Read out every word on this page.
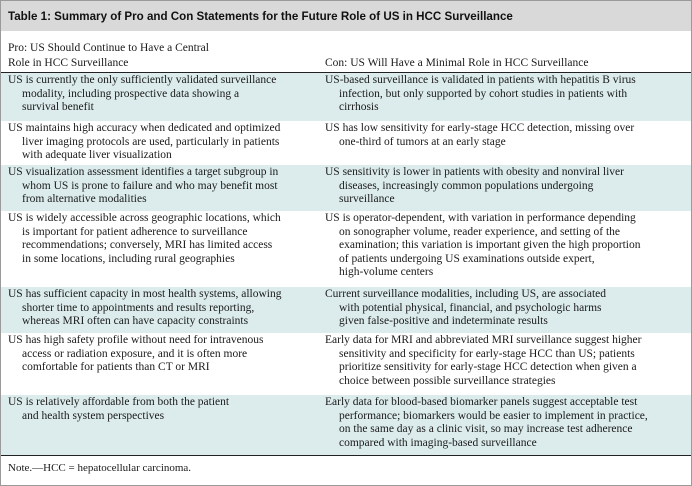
Table 1: Summary of Pro and Con Statements for the Future Role of US in HCC Surveillance
Pro: US Should Continue to Have a Central

Role in HCC Surveillance	Con: US Will Have a Minimal Role in HCC Surveillance
US is currently the only sufficiently validated surveillance
modality, including prospective data showing a
survival benefit
US-based surveillance is validated in patients with hepatitis B virus
infection, but only supported by cohort studies in patients with
cirrhosis
US maintains high accuracy when dedicated and optimized
liver imaging protocols are used, particularly in patients
with adequate liver visualization
US has low sensitivity for early-stage HCC detection, missing over
one-third of tumors at an early stage
US visualization assessment identifies a target subgroup in
whom US is prone to failure and who may benefit most
from alternative modalities
US sensitivity is lower in patients with obesity and nonviral liver
diseases, increasingly common populations undergoing
surveillance
US is widely accessible across geographic locations, which
is important for patient adherence to surveillance
recommendations; conversely, MRI has limited access
in some locations, including rural geographies
US is operator-dependent, with variation in performance depending
on sonographer volume, reader experience, and setting of the
examination; this variation is important given the high proportion
of patients undergoing US examinations outside expert,
high-volume centers
US has sufficient capacity in most health systems, allowing
shorter time to appointments and results reporting,
whereas MRI often can have capacity constraints
Current surveillance modalities, including US, are associated
with potential physical, financial, and psychologic harms
given false-positive and indeterminate results
US has high safety profile without need for intravenous
access or radiation exposure, and it is often more
comfortable for patients than CT or MRI
Early data for MRI and abbreviated MRI surveillance suggest higher
sensitivity and specificity for early-stage HCC than US; patients
prioritize sensitivity for early-stage HCC detection when given a
choice between possible surveillance strategies
US is relatively affordable from both the patient
and health system perspectives
Early data for blood-based biomarker panels suggest acceptable test
performance; biomarkers would be easier to implement in practice,
on the same day as a clinic visit, so may increase test adherence
compared with imaging-based surveillance
Note.—HCC = hepatocellular carcinoma.
